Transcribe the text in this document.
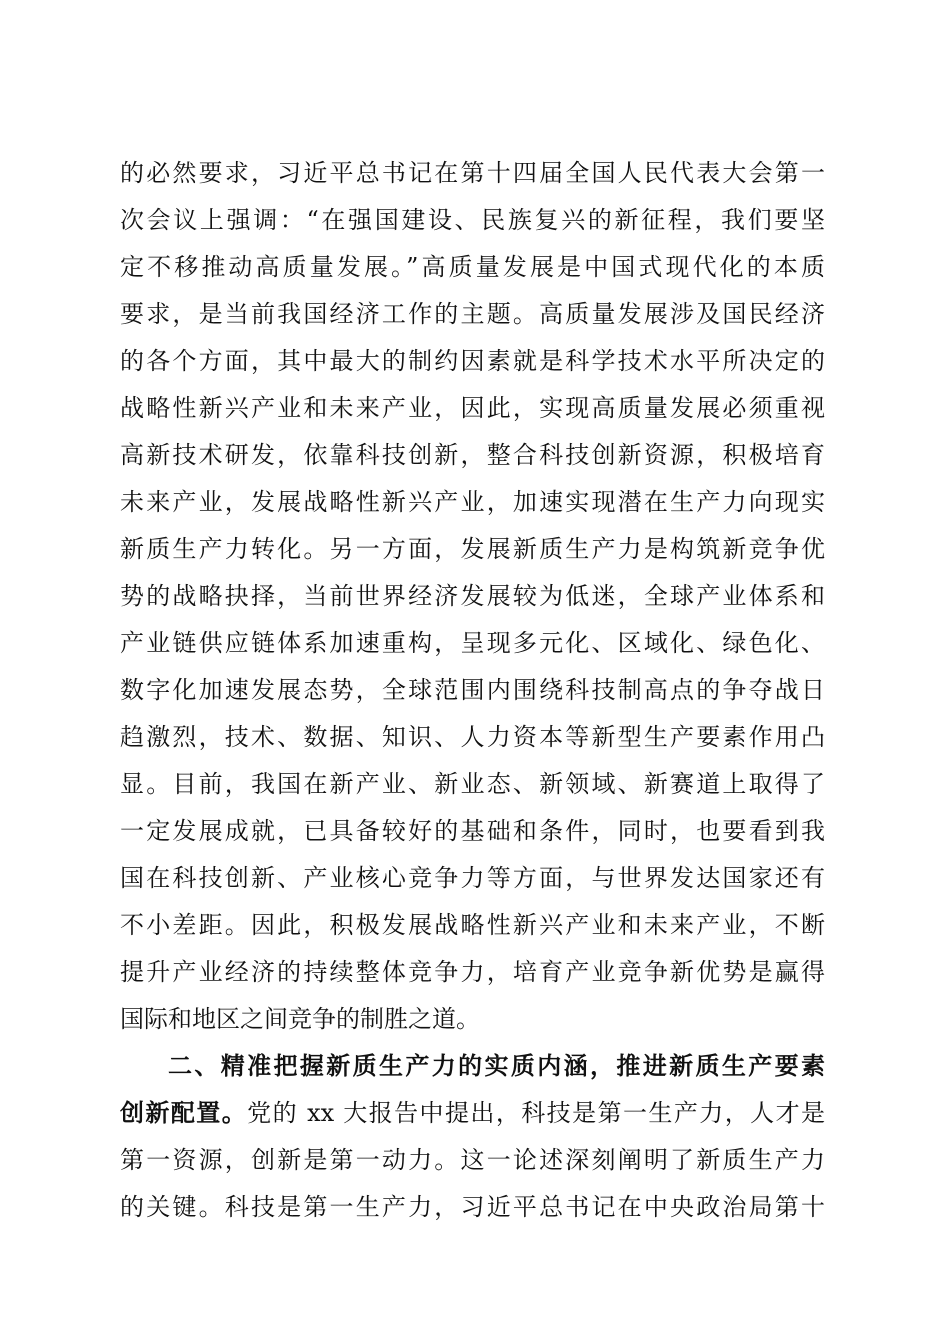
的必然要求，习近平总书记在第十四届全国人民代表大会第一
次会议上强调：“在强国建设、民族复兴的新征程，我们要坚
定不移推动高质量发展。”高质量发展是中国式现代化的本质
要求，是当前我国经济工作的主题。高质量发展涉及国民经济
的各个方面，其中最大的制约因素就是科学技术水平所决定的
战略性新兴产业和未来产业，因此，实现高质量发展必须重视
高新技术研发，依靠科技创新，整合科技创新资源，积极培育
未来产业，发展战略性新兴产业，加速实现潜在生产力向现实
新质生产力转化。另一方面，发展新质生产力是构筑新竞争优
势的战略抉择，当前世界经济发展较为低迷，全球产业体系和
产业链供应链体系加速重构，呈现多元化、区域化、绿色化、
数字化加速发展态势，全球范围内围绕科技制高点的争夺战日
趋激烈，技术、数据、知识、人力资本等新型生产要素作用凸
显。目前，我国在新产业、新业态、新领域、新赛道上取得了
一定发展成就，已具备较好的基础和条件，同时，也要看到我
国在科技创新、产业核心竞争力等方面，与世界发达国家还有
不小差距。因此，积极发展战略性新兴产业和未来产业，不断
提升产业经济的持续整体竞争力，培育产业竞争新优势是赢得
国际和地区之间竞争的制胜之道。
二、精准把握新质生产力的实质内涵，推进新质生产要素
创新配置。党的 xx 大报告中提出，科技是第一生产力，人才是
第一资源，创新是第一动力。这一论述深刻阐明了新质生产力
的关键。科技是第一生产力，习近平总书记在中央政治局第十
